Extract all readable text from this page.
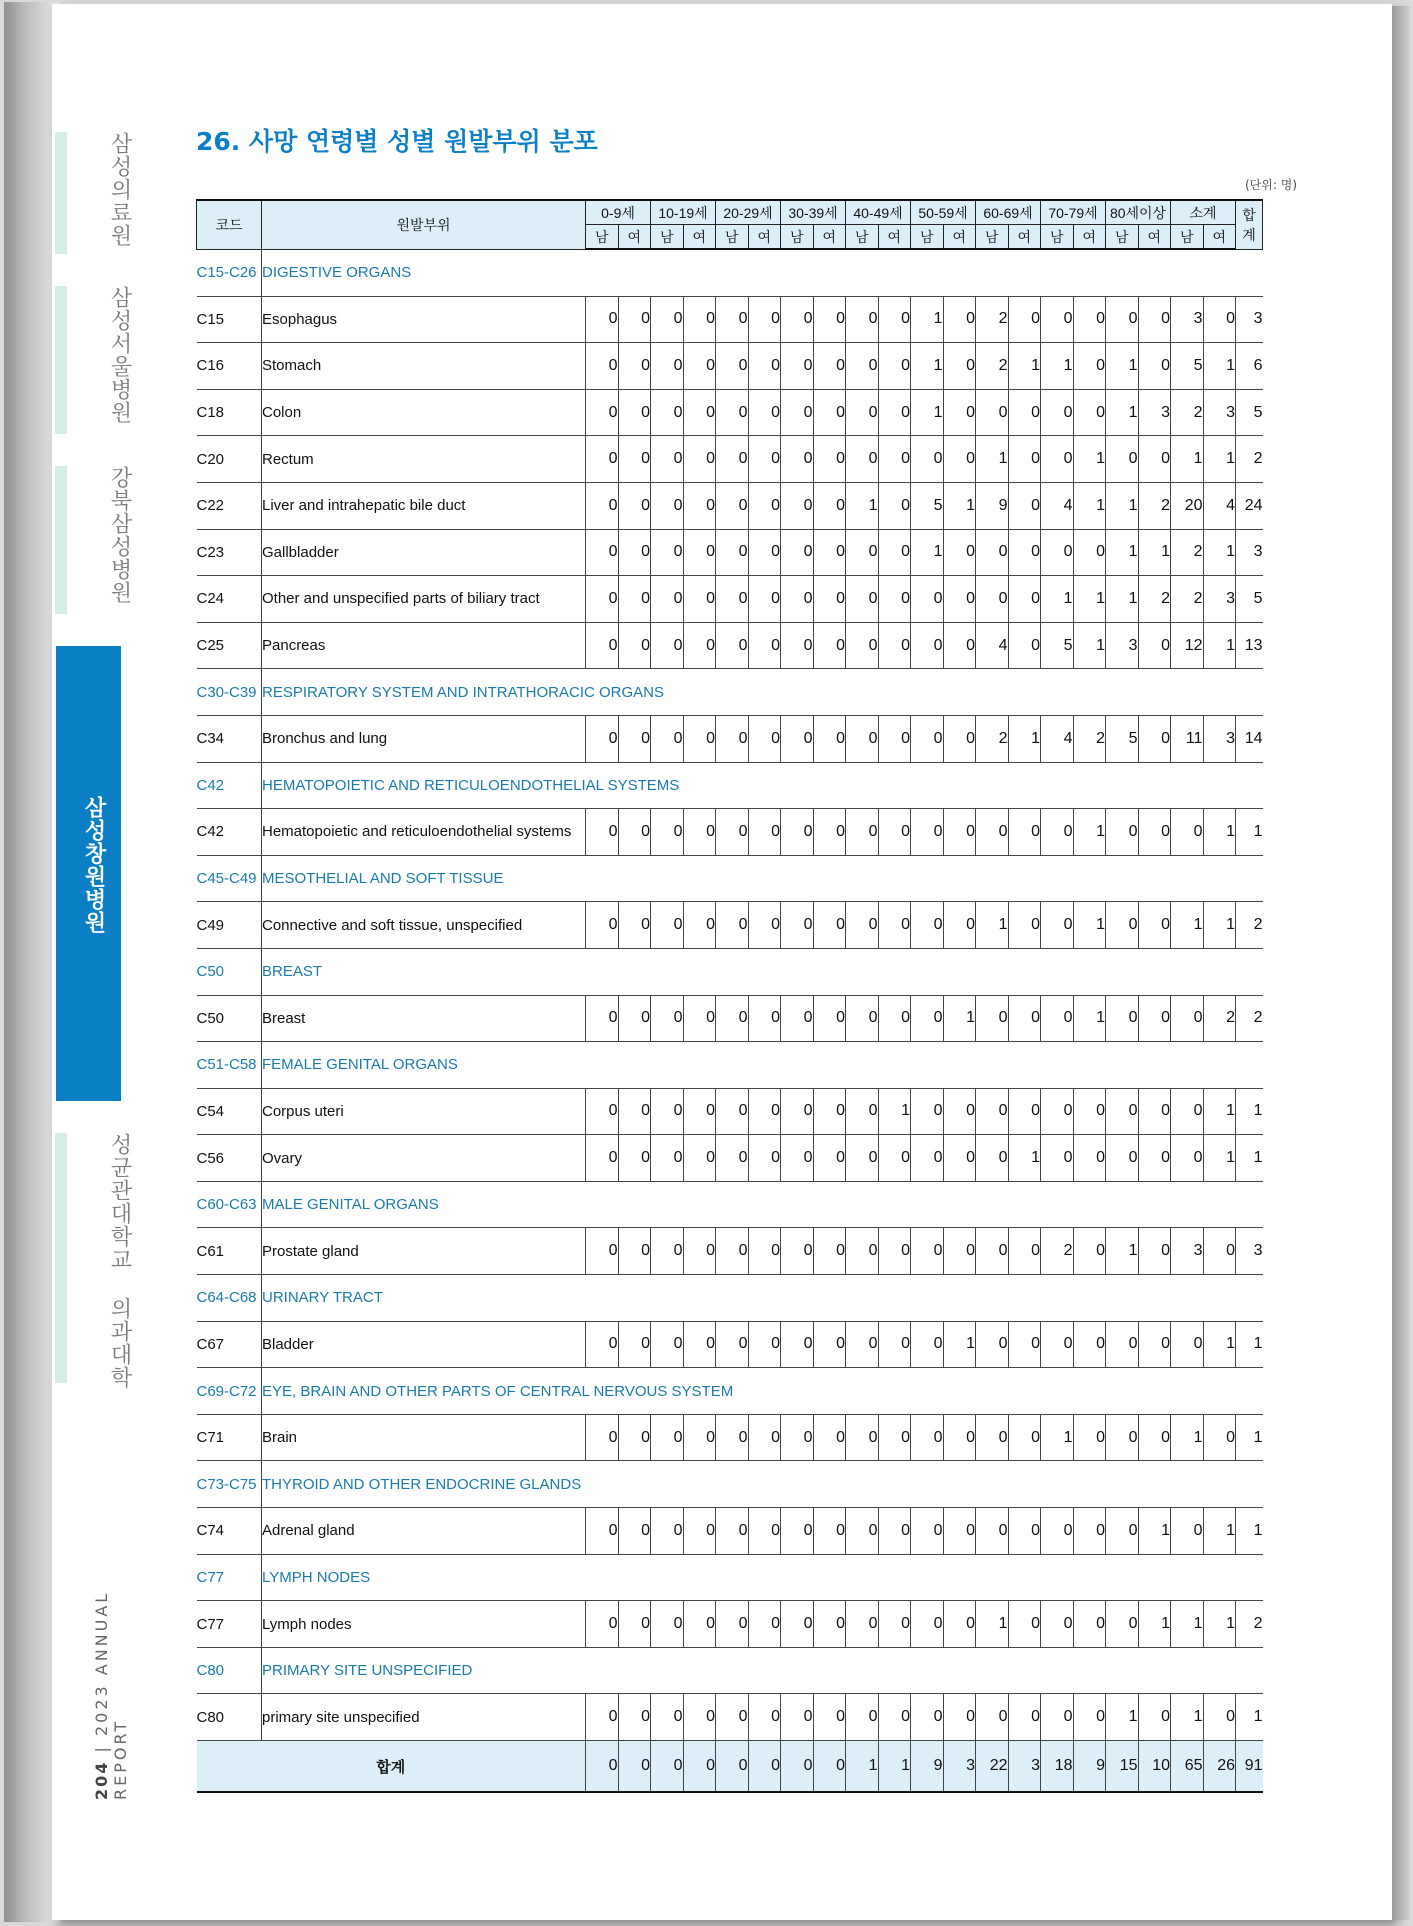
삼성의료원
삼성서울병원
강북삼성병원
삼성창원병원
성균관대학교 의과대학
204 | 2023 ANNUAL REPORT
26. 사망 연령별 성별 원발부위 분포
(단위: 명)
코드	원발부위	0-9세		10-19세		20-29세		30-39세		40-49세		50-59세		60-69세		70-79세		80세이상		소계		합계
		남	여	남	여	남	여	남	여	남	여	남	여	남	여	남	여	남	여	남	여	
C15-C26	DIGESTIVE ORGANS																					
C15	Esophagus	0	0	0	0	0	0	0	0	0	0	1	0	2	0	0	0	0	0	3	0	3
C16	Stomach	0	0	0	0	0	0	0	0	0	0	1	0	2	1	1	0	1	0	5	1	6
C18	Colon	0	0	0	0	0	0	0	0	0	0	1	0	0	0	0	0	1	3	2	3	5
C20	Rectum	0	0	0	0	0	0	0	0	0	0	0	0	1	0	0	1	0	0	1	1	2
C22	Liver and intrahepatic bile duct	0	0	0	0	0	0	0	0	1	0	5	1	9	0	4	1	1	2	20	4	24
C23	Gallbladder	0	0	0	0	0	0	0	0	0	0	1	0	0	0	0	0	1	1	2	1	3
C24	Other and unspecified parts of biliary tract	0	0	0	0	0	0	0	0	0	0	0	0	0	0	1	1	1	2	2	3	5
C25	Pancreas	0	0	0	0	0	0	0	0	0	0	0	0	4	0	5	1	3	0	12	1	13
C30-C39	RESPIRATORY SYSTEM AND INTRATHORACIC ORGANS																					
C34	Bronchus and lung	0	0	0	0	0	0	0	0	0	0	0	0	2	1	4	2	5	0	11	3	14
C42	HEMATOPOIETIC AND RETICULOENDOTHELIAL SYSTEMS																					
C42	Hematopoietic and reticuloendothelial systems	0	0	0	0	0	0	0	0	0	0	0	0	0	0	0	1	0	0	0	1	1
C45-C49	MESOTHELIAL AND SOFT TISSUE																					
C49	Connective and soft tissue, unspecified	0	0	0	0	0	0	0	0	0	0	0	0	1	0	0	1	0	0	1	1	2
C50	BREAST																					
C50	Breast	0	0	0	0	0	0	0	0	0	0	0	1	0	0	0	1	0	0	0	2	2
C51-C58	FEMALE GENITAL ORGANS																					
C54	Corpus uteri	0	0	0	0	0	0	0	0	0	1	0	0	0	0	0	0	0	0	0	1	1
C56	Ovary	0	0	0	0	0	0	0	0	0	0	0	0	0	1	0	0	0	0	0	1	1
C60-C63	MALE GENITAL ORGANS																					
C61	Prostate gland	0	0	0	0	0	0	0	0	0	0	0	0	0	0	2	0	1	0	3	0	3
C64-C68	URINARY TRACT																					
C67	Bladder	0	0	0	0	0	0	0	0	0	0	0	1	0	0	0	0	0	0	0	1	1
C69-C72	EYE, BRAIN AND OTHER PARTS OF CENTRAL NERVOUS SYSTEM																					
C71	Brain	0	0	0	0	0	0	0	0	0	0	0	0	0	0	1	0	0	0	1	0	1
C73-C75	THYROID AND OTHER ENDOCRINE GLANDS																					
C74	Adrenal gland	0	0	0	0	0	0	0	0	0	0	0	0	0	0	0	0	0	1	0	1	1
C77	LYMPH NODES																					
C77	Lymph nodes	0	0	0	0	0	0	0	0	0	0	0	0	1	0	0	0	0	1	1	1	2
C80	PRIMARY SITE UNSPECIFIED																					
C80	primary site unspecified	0	0	0	0	0	0	0	0	0	0	0	0	0	0	0	0	1	0	1	0	1
합계		0	0	0	0	0	0	0	0	1	1	9	3	22	3	18	9	15	10	65	26	91
